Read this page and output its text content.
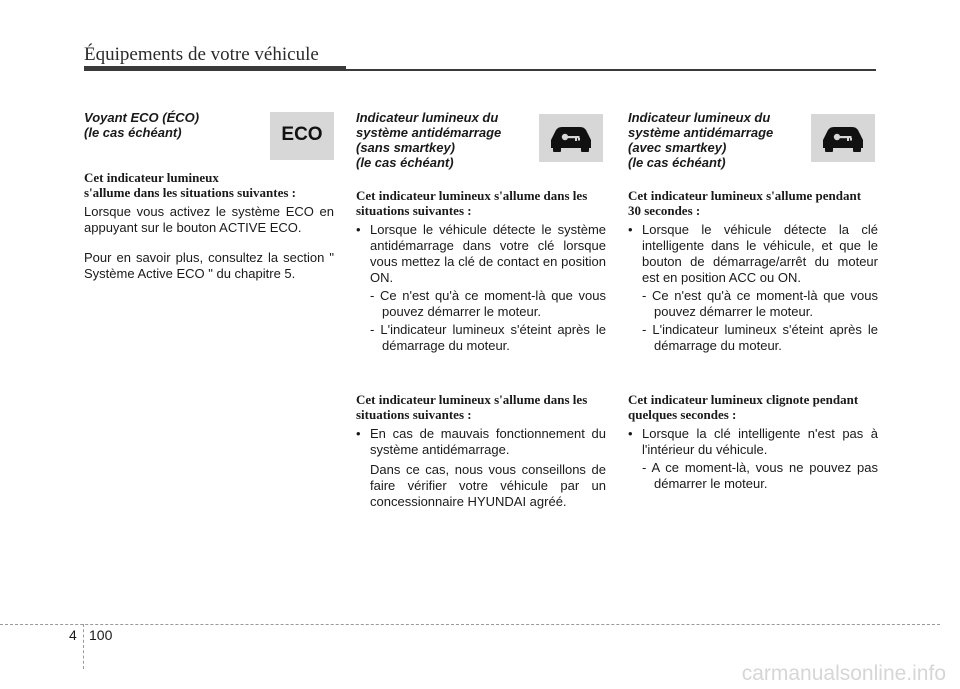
Équipements de votre véhicule
Voyant ECO (ÉCO)
(le cas échéant)	ECO
Cet indicateur lumineux
s'allume dans les situations suivantes :
Lorsque vous activez le système ECO en appuyant sur le bouton ACTIVE ECO.
Pour en savoir plus, consultez la section " Système Active ECO " du chapitre 5.
Indicateur lumineux du
système antidémarrage
(sans smartkey)
(le cas échéant)
Cet indicateur lumineux s'allume dans les
situations suivantes :
• Lorsque le véhicule détecte le système antidémarrage dans votre clé lorsque vous mettez la clé de contact en position ON.
- Ce n'est qu'à ce moment-là que vous pouvez démarrer le moteur.
- L'indicateur lumineux s'éteint après le démarrage du moteur.
Cet indicateur lumineux s'allume dans les
situations suivantes :
• En cas de mauvais fonctionnement du système antidémarrage.
Dans ce cas, nous vous conseillons de faire vérifier votre véhicule par un concessionnaire HYUNDAI agréé.
Indicateur lumineux du
système antidémarrage
(avec smartkey)
(le cas échéant)
Cet indicateur lumineux s'allume pendant
30 secondes :
• Lorsque le véhicule détecte la clé intelligente dans le véhicule, et que le bouton de démarrage/arrêt du moteur est en position ACC ou ON.
- Ce n'est qu'à ce moment-là que vous pouvez démarrer le moteur.
- L'indicateur lumineux s'éteint après le démarrage du moteur.
Cet indicateur lumineux clignote pendant
quelques secondes :
• Lorsque la clé intelligente n'est pas à l'intérieur du véhicule.
- A ce moment-là, vous ne pouvez pas démarrer le moteur.
4 100
carmanualsonline.info
